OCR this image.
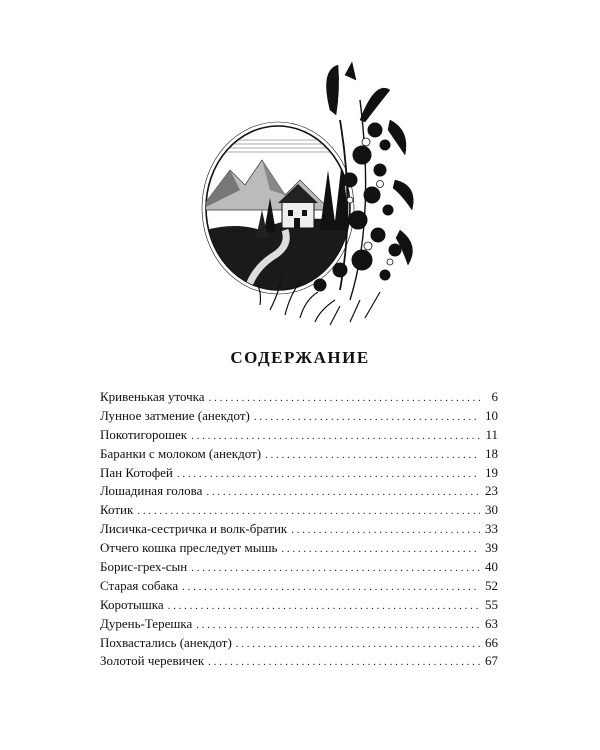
СОДЕРЖАНИЕ
Кривенькая уточка . . .	6
Лунное затмение (анекдот) . . .	10
Покотигорошек . . .	11
Баранки с молоком (анекдот) . . .	18
Пан Котофей . . .	19
Лошадиная голова . . .	23
Котик . . .	30
Лисичка-сестричка и волк-братик . . .	33
Отчего кошка преследует мышь . . .	39
Борис-грех-сын . . .	40
Старая собака . . .	52
Коротышка . . .	55
Дурень-Терешка . . .	63
Похвастались (анекдот) . . .	66
Золотой черевичек . . .	67
